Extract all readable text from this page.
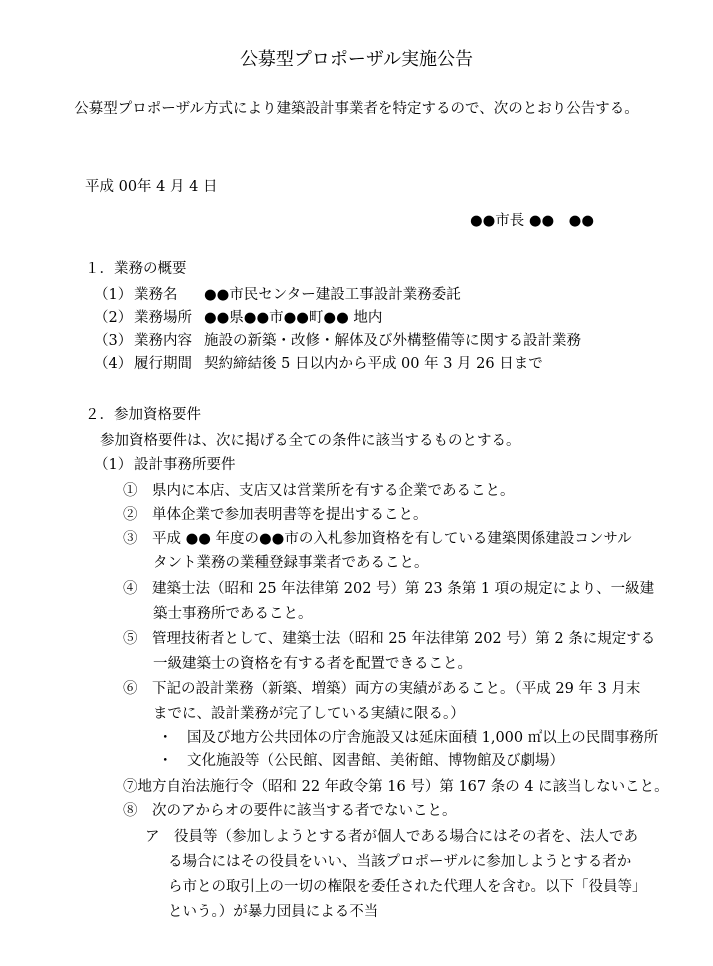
公募型プロポーザル実施公告
公募型プロポーザル方式により建築設計事業者を特定するので、次のとおり公告する。
平成 00年 4 月 4 日
●●市長 ●●　●●
１．業務の概要
（1） 業務名 ●●市民センター建設工事設計業務委託
（2） 業務場所 ●●県●●市●●町●● 地内
（3） 業務内容 施設の新築・改修・解体及び外構整備等に関する設計業務
（4） 履行期間 契約締結後 5 日以内から平成 00 年 3 月 26 日まで
２．参加資格要件
参加資格要件は、次に掲げる全ての条件に該当するものとする。
（1） 設計事務所要件
①　県内に本店、支店又は営業所を有する企業であること。
②　単体企業で参加表明書等を提出すること。
③　平成 ●● 年度の●●市の入札参加資格を有している建築関係建設コンサル
タント業務の業種登録事業者であること。
④　建築士法（昭和 25 年法律第 202 号）第 23 条第 1 項の規定により、一級建
築士事務所であること。
⑤　管理技術者として、建築士法（昭和 25 年法律第 202 号）第 2 条に規定する
一級建築士の資格を有する者を配置できること。
⑥　下記の設計業務（新築、増築）両方の実績があること。（平成 29 年 3 月末
までに、設計業務が完了している実績に限る。）
・　国及び地方公共団体の庁舎施設又は延床面積 1,000 ㎡以上の民間事務所
・　文化施設等（公民館、図書館、美術館、博物館及び劇場）
⑦地方自治法施行令（昭和 22 年政令第 16 号）第 167 条の 4 に該当しないこと。
⑧　次のアからオの要件に該当する者でないこと。
ア　役員等（参加しようとする者が個人である場合にはその者を、法人であ
る場合にはその役員をいい、当該プロポーザルに参加しようとする者か
ら市との取引上の一切の権限を委任された代理人を含む。以下「役員等」
という。）が暴力団員による不当
